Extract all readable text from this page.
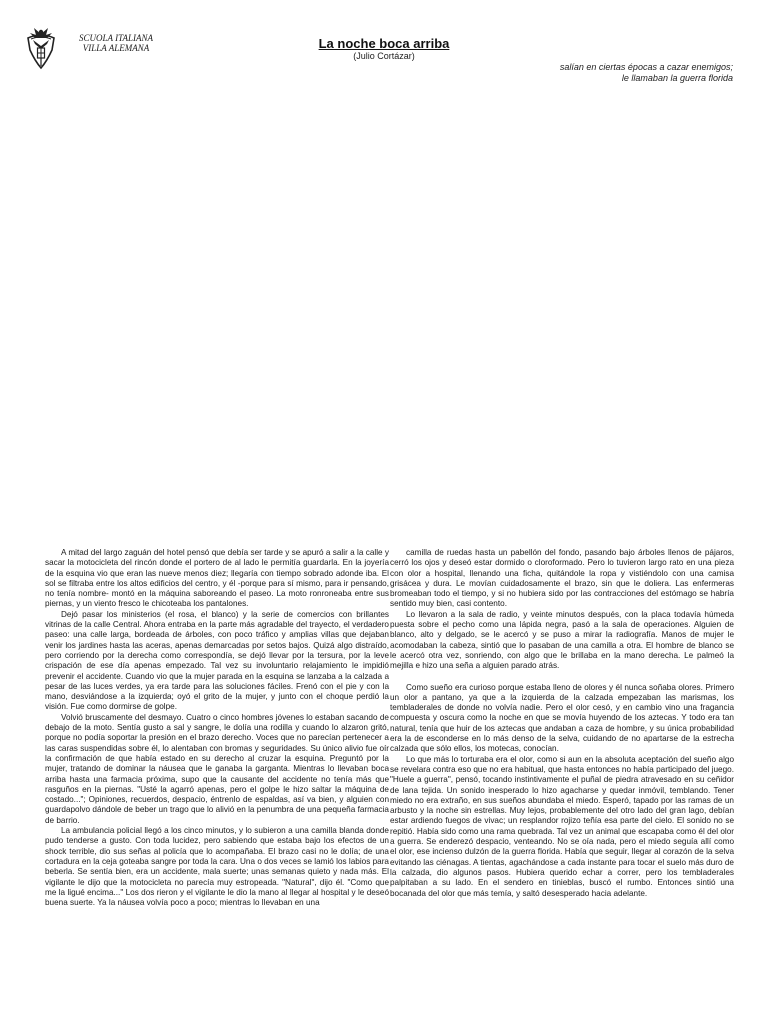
SCUOLA ITALIANA
VILLA ALEMANA	La noche boca arriba
(Julio Cortázar)
salían en ciertas épocas a cazar enemigos;
le llamaban la guerra florida

A mitad del largo zaguán del hotel pensó que debía ser tarde y se apuró a salir a la calle y sacar la motocicleta del rincón donde el portero de al lado le permitía guardarla. En la joyería de la esquina vio que eran las nueve menos diez; llegaría con tiempo sobrado adonde iba. El sol se filtraba entre los altos edificios del centro, y él -porque para sí mismo, para ir pensando, no tenía nombre- montó en la máquina saboreando el paseo. La moto ronroneaba entre sus piernas, y un viento fresco le chicoteaba los pantalones.

Dejó pasar los ministerios (el rosa, el blanco) y la serie de comercios con brillantes vitrinas de la calle Central. Ahora entraba en la parte más agradable del trayecto, el verdadero paseo: una calle larga, bordeada de árboles, con poco tráfico y amplias villas que dejaban venir los jardines hasta las aceras, apenas demarcadas por setos bajos. Quizá algo distraído, pero corriendo por la derecha como correspondía, se dejó llevar por la tersura, por la leve crispación de ese día apenas empezado. Tal vez su involuntario relajamiento le impidió prevenir el accidente. Cuando vio que la mujer parada en la esquina se lanzaba a la calzada a pesar de las luces verdes, ya era tarde para las soluciones fáciles. Frenó con el pie y con la mano, desviándose a la izquierda; oyó el grito de la mujer, y junto con el choque perdió la visión. Fue como dormirse de golpe.

Volvió bruscamente del desmayo. Cuatro o cinco hombres jóvenes lo estaban sacando de debajo de la moto. Sentía gusto a sal y sangre, le dolía una rodilla y cuando lo alzaron gritó, porque no podía soportar la presión en el brazo derecho. Voces que no parecían pertenecer a las caras suspendidas sobre él, lo alentaban con bromas y seguridades. Su único alivio fue oír la confirmación de que había estado en su derecho al cruzar la esquina. Preguntó por la mujer, tratando de dominar la náusea que le ganaba la garganta. Mientras lo llevaban boca arriba hasta una farmacia próxima, supo que la causante del accidente no tenía más que rasguños en la piernas. "Usté la agarró apenas, pero el golpe le hizo saltar la máquina de costado..."; Opiniones, recuerdos, despacio, éntrenlo de espaldas, así va bien, y alguien con guardapolvo dándole de beber un trago que lo alivió en la penumbra de una pequeña farmacia de barrio.

La ambulancia policial llegó a los cinco minutos, y lo subieron a una camilla blanda donde pudo tenderse a gusto. Con toda lucidez, pero sabiendo que estaba bajo los efectos de un shock terrible, dio sus señas al policía que lo acompañaba. El brazo casi no le dolía; de una cortadura en la ceja goteaba sangre por toda la cara. Una o dos veces se lamió los labios para beberla. Se sentía bien, era un accidente, mala suerte; unas semanas quieto y nada más. El vigilante le dijo que la motocicleta no parecía muy estropeada. "Natural", dijo él. "Como que me la ligué encima..." Los dos rieron y el vigilante le dio la mano al llegar al hospital y le deseó buena suerte. Ya la náusea volvía poco a poco; mientras lo llevaban en una

camilla de ruedas hasta un pabellón del fondo, pasando bajo árboles llenos de pájaros, cerró los ojos y deseó estar dormido o cloroformado. Pero lo tuvieron largo rato en una pieza con olor a hospital, llenando una ficha, quitándole la ropa y vistiéndolo con una camisa grisácea y dura. Le movían cuidadosamente el brazo, sin que le doliera. Las enfermeras bromeaban todo el tiempo, y si no hubiera sido por las contracciones del estómago se habría sentido muy bien, casi contento.

Lo llevaron a la sala de radio, y veinte minutos después, con la placa todavía húmeda puesta sobre el pecho como una lápida negra, pasó a la sala de operaciones. Alguien de blanco, alto y delgado, se le acercó y se puso a mirar la radiografía. Manos de mujer le acomodaban la cabeza, sintió que lo pasaban de una camilla a otra. El hombre de blanco se le acercó otra vez, sonriendo, con algo que le brillaba en la mano derecha. Le palmeó la mejilla e hizo una seña a alguien parado atrás.

Como sueño era curioso porque estaba lleno de olores y él nunca soñaba olores. Primero un olor a pantano, ya que a la izquierda de la calzada empezaban las marismas, los tembladerales de donde no volvía nadie. Pero el olor cesó, y en cambio vino una fragancia compuesta y oscura como la noche en que se movía huyendo de los aztecas. Y todo era tan natural, tenía que huir de los aztecas que andaban a caza de hombre, y su única probabilidad era la de esconderse en lo más denso de la selva, cuidando de no apartarse de la estrecha calzada que sólo ellos, los motecas, conocían.

Lo que más lo torturaba era el olor, como si aun en la absoluta aceptación del sueño algo se revelara contra eso que no era habitual, que hasta entonces no había participado del juego. "Huele a guerra", pensó, tocando instintivamente el puñal de piedra atravesado en su ceñidor de lana tejida. Un sonido inesperado lo hizo agacharse y quedar inmóvil, temblando. Tener miedo no era extraño, en sus sueños abundaba el miedo. Esperó, tapado por las ramas de un arbusto y la noche sin estrellas. Muy lejos, probablemente del otro lado del gran lago, debían estar ardiendo fuegos de vivac; un resplandor rojizo teñía esa parte del cielo. El sonido no se repitió. Había sido como una rama quebrada. Tal vez un animal que escapaba como él del olor a guerra. Se enderezó despacio, venteando. No se oía nada, pero el miedo seguía allí como el olor, ese incienso dulzón de la guerra florida. Había que seguir, llegar al corazón de la selva evitando las ciénagas. A tientas, agachándose a cada instante para tocar el suelo más duro de la calzada, dio algunos pasos. Hubiera querido echar a correr, pero los tembladerales palpitaban a su lado. En el sendero en tinieblas, buscó el rumbo. Entonces sintió una bocanada del olor que más temía, y saltó desesperado hacia adelante.
